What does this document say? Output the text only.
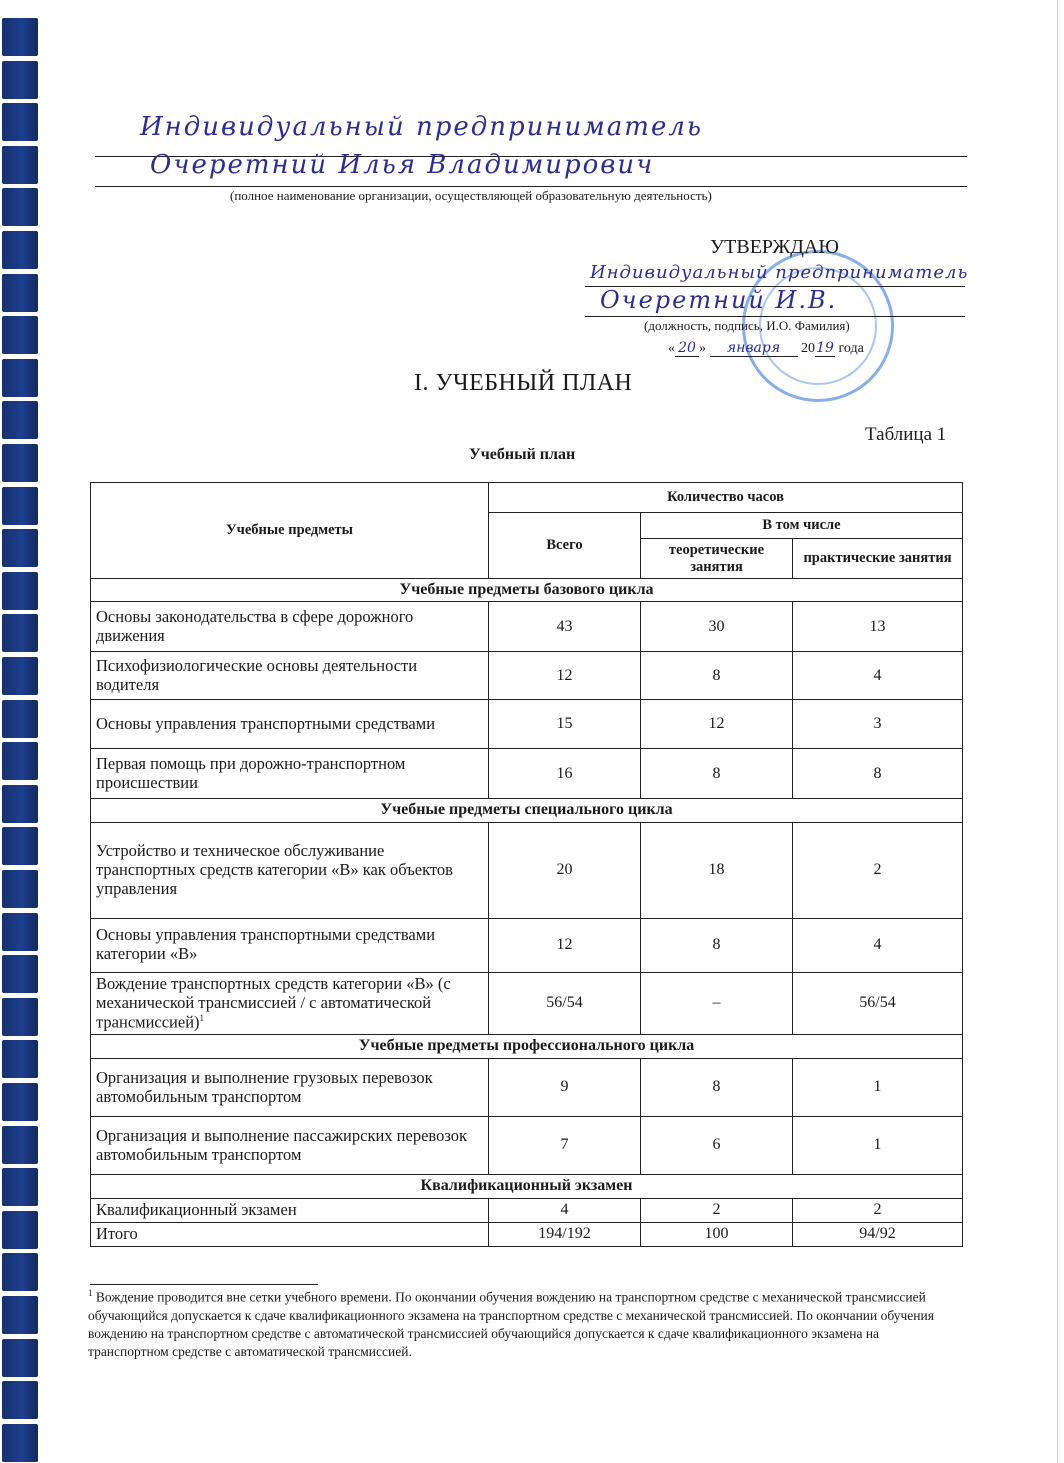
Индивидуальный предприниматель
Очеретний Илья Владимирович
(полное наименование организации, осуществляющей образовательную деятельность)
УТВЕРЖДАЮ
Индивидуальный предприниматель
Очеретний И.В.
(должность, подпись, И.О. Фамилия)
« 20 » января 2019 года
I. УЧЕБНЫЙ ПЛАН
Таблица 1
Учебный план
Учебные предметы	Количество часов		
	Всего	В том числе	
		теоретические занятия	практические занятия
Учебные предметы базового цикла			
Основы законодательства в сфере дорожного движения	43	30	13
Психофизиологические основы деятельности водителя	12	8	4
Основы управления транспортными средствами	15	12	3
Первая помощь при дорожно-транспортном происшествии	16	8	8
Учебные предметы специального цикла			
Устройство и техническое обслуживание транспортных средств категории «В» как объектов управления	20	18	2
Основы управления транспортными средствами категории «В»	12	8	4
Вождение транспортных средств категории «В» (с механической трансмиссией / с автоматической трансмиссией)$^1$	56/54	–	56/54
Учебные предметы профессионального цикла			
Организация и выполнение грузовых перевозок автомобильным транспортом	9	8	1
Организация и выполнение пассажирских перевозок автомобильным транспортом	7	6	1
Квалификационный экзамен			
Квалификационный экзамен	4	2	2
Итого	194/192	100	94/92
$^1$ Вождение проводится вне сетки учебного времени. По окончании обучения вождению на транспортном средстве с механической трансмиссией обучающийся допускается к сдаче квалификационного экзамена на транспортном средстве с механической трансмиссией. По окончании обучения вождению на транспортном средстве с автоматической трансмиссией обучающийся допускается к сдаче квалификационного экзамена на транспортном средстве с автоматической трансмиссией.
